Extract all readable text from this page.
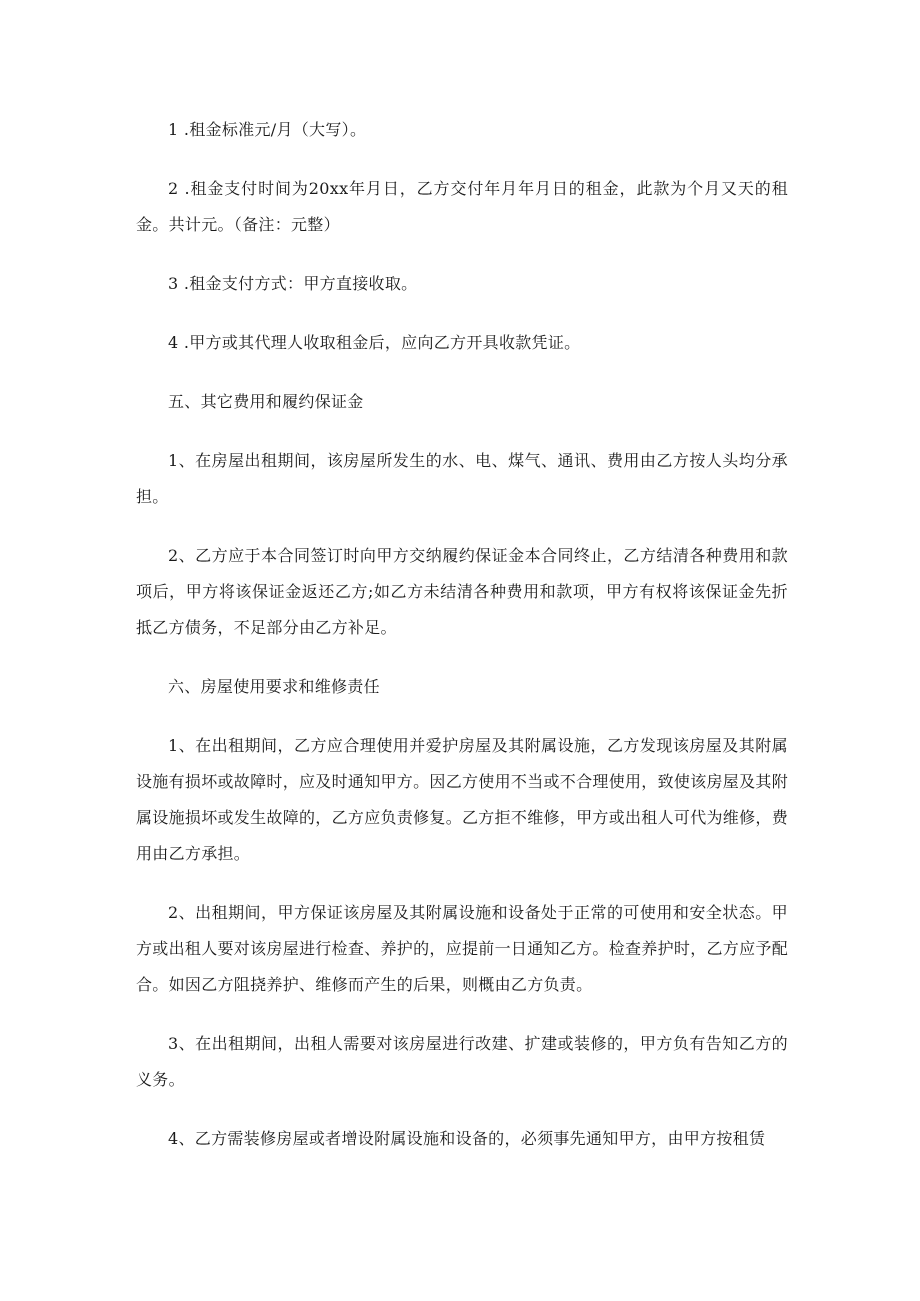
1 .租金标准元/月（大写）。

2 .租金支付时间为20xx年月日，乙方交付年月年月日的租金，此款为个月又天的租金。共计元。（备注：元整）

3 .租金支付方式：甲方直接收取。

4 .甲方或其代理人收取租金后，应向乙方开具收款凭证。

五、其它费用和履约保证金

1、在房屋出租期间，该房屋所发生的水、电、煤气、通讯、费用由乙方按人头均分承担。

2、乙方应于本合同签订时向甲方交纳履约保证金本合同终止，乙方结清各种费用和款项后，甲方将该保证金返还乙方;如乙方未结清各种费用和款项，甲方有权将该保证金先折抵乙方债务，不足部分由乙方补足。

六、房屋使用要求和维修责任

1、在出租期间，乙方应合理使用并爱护房屋及其附属设施，乙方发现该房屋及其附属设施有损坏或故障时，应及时通知甲方。因乙方使用不当或不合理使用，致使该房屋及其附属设施损坏或发生故障的，乙方应负责修复。乙方拒不维修，甲方或出租人可代为维修，费用由乙方承担。

2、出租期间，甲方保证该房屋及其附属设施和设备处于正常的可使用和安全状态。甲方或出租人要对该房屋进行检查、养护的，应提前一日通知乙方。检查养护时，乙方应予配合。如因乙方阻挠养护、维修而产生的后果，则概由乙方负责。

3、在出租期间，出租人需要对该房屋进行改建、扩建或装修的，甲方负有告知乙方的义务。

4、乙方需装修房屋或者增设附属设施和设备的，必须事先通知甲方，由甲方按租赁
